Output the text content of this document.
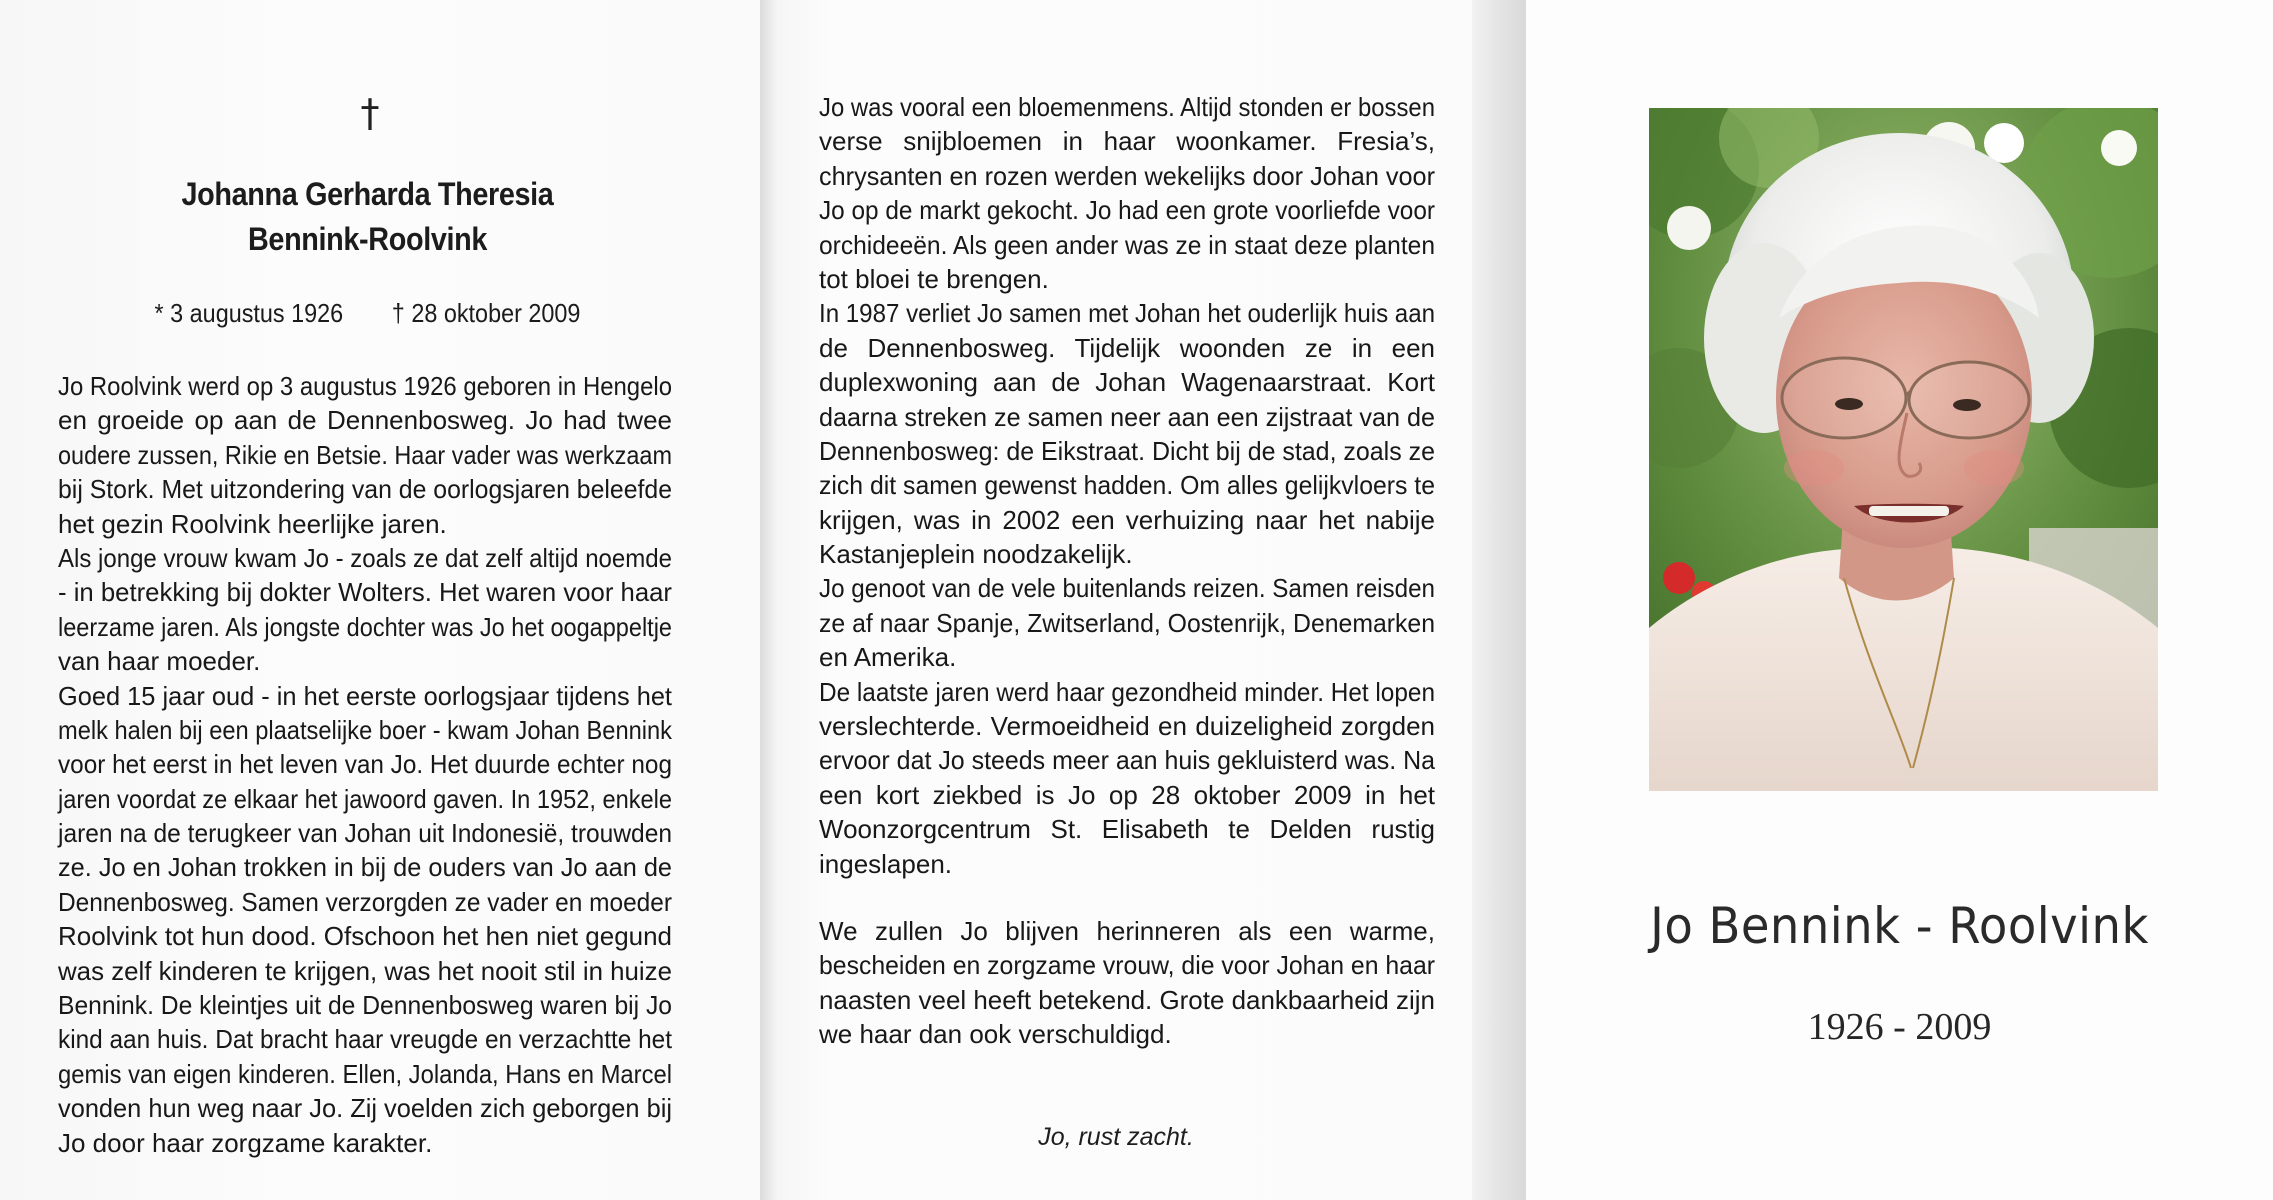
†
Johanna Gerharda Theresia
Bennink-Roolvink
* 3 augustus 1926 † 28 oktober 2009
Jo Roolvink werd op 3 augustus 1926 geboren in Hengelo
en groeide op aan de Dennenbosweg. Jo had twee
oudere zussen, Rikie en Betsie. Haar vader was werkzaam
bij Stork. Met uitzondering van de oorlogsjaren beleefde
het gezin Roolvink heerlijke jaren.
Als jonge vrouw kwam Jo - zoals ze dat zelf altijd noemde
- in betrekking bij dokter Wolters. Het waren voor haar
leerzame jaren. Als jongste dochter was Jo het oogappeltje
van haar moeder.
Goed 15 jaar oud - in het eerste oorlogsjaar tijdens het
melk halen bij een plaatselijke boer - kwam Johan Bennink
voor het eerst in het leven van Jo. Het duurde echter nog
jaren voordat ze elkaar het jawoord gaven. In 1952, enkele
jaren na de terugkeer van Johan uit Indonesië, trouwden
ze. Jo en Johan trokken in bij de ouders van Jo aan de
Dennenbosweg. Samen verzorgden ze vader en moeder
Roolvink tot hun dood. Ofschoon het hen niet gegund
was zelf kinderen te krijgen, was het nooit stil in huize
Bennink. De kleintjes uit de Dennenbosweg waren bij Jo
kind aan huis. Dat bracht haar vreugde en verzachtte het
gemis van eigen kinderen. Ellen, Jolanda, Hans en Marcel
vonden hun weg naar Jo. Zij voelden zich geborgen bij
Jo door haar zorgzame karakter.
Jo was vooral een bloemenmens. Altijd stonden er bossen
verse snijbloemen in haar woonkamer. Fresia’s,
chrysanten en rozen werden wekelijks door Johan voor
Jo op de markt gekocht. Jo had een grote voorliefde voor
orchideeën. Als geen ander was ze in staat deze planten
tot bloei te brengen.
In 1987 verliet Jo samen met Johan het ouderlijk huis aan
de Dennenbosweg. Tijdelijk woonden ze in een
duplexwoning aan de Johan Wagenaarstraat. Kort
daarna streken ze samen neer aan een zijstraat van de
Dennenbosweg: de Eikstraat. Dicht bij de stad, zoals ze
zich dit samen gewenst hadden. Om alles gelijkvloers te
krijgen, was in 2002 een verhuizing naar het nabije
Kastanjeplein noodzakelijk.
Jo genoot van de vele buitenlands reizen. Samen reisden
ze af naar Spanje, Zwitserland, Oostenrijk, Denemarken
en Amerika.
De laatste jaren werd haar gezondheid minder. Het lopen
verslechterde. Vermoeidheid en duizeligheid zorgden
ervoor dat Jo steeds meer aan huis gekluisterd was. Na
een kort ziekbed is Jo op 28 oktober 2009 in het
Woonzorgcentrum St. Elisabeth te Delden rustig
ingeslapen.
We zullen Jo blijven herinneren als een warme,
bescheiden en zorgzame vrouw, die voor Johan en haar
naasten veel heeft betekend. Grote dankbaarheid zijn
we haar dan ook verschuldigd.
Jo, rust zacht.
Jo Bennink - Roolvink
1926 - 2009
